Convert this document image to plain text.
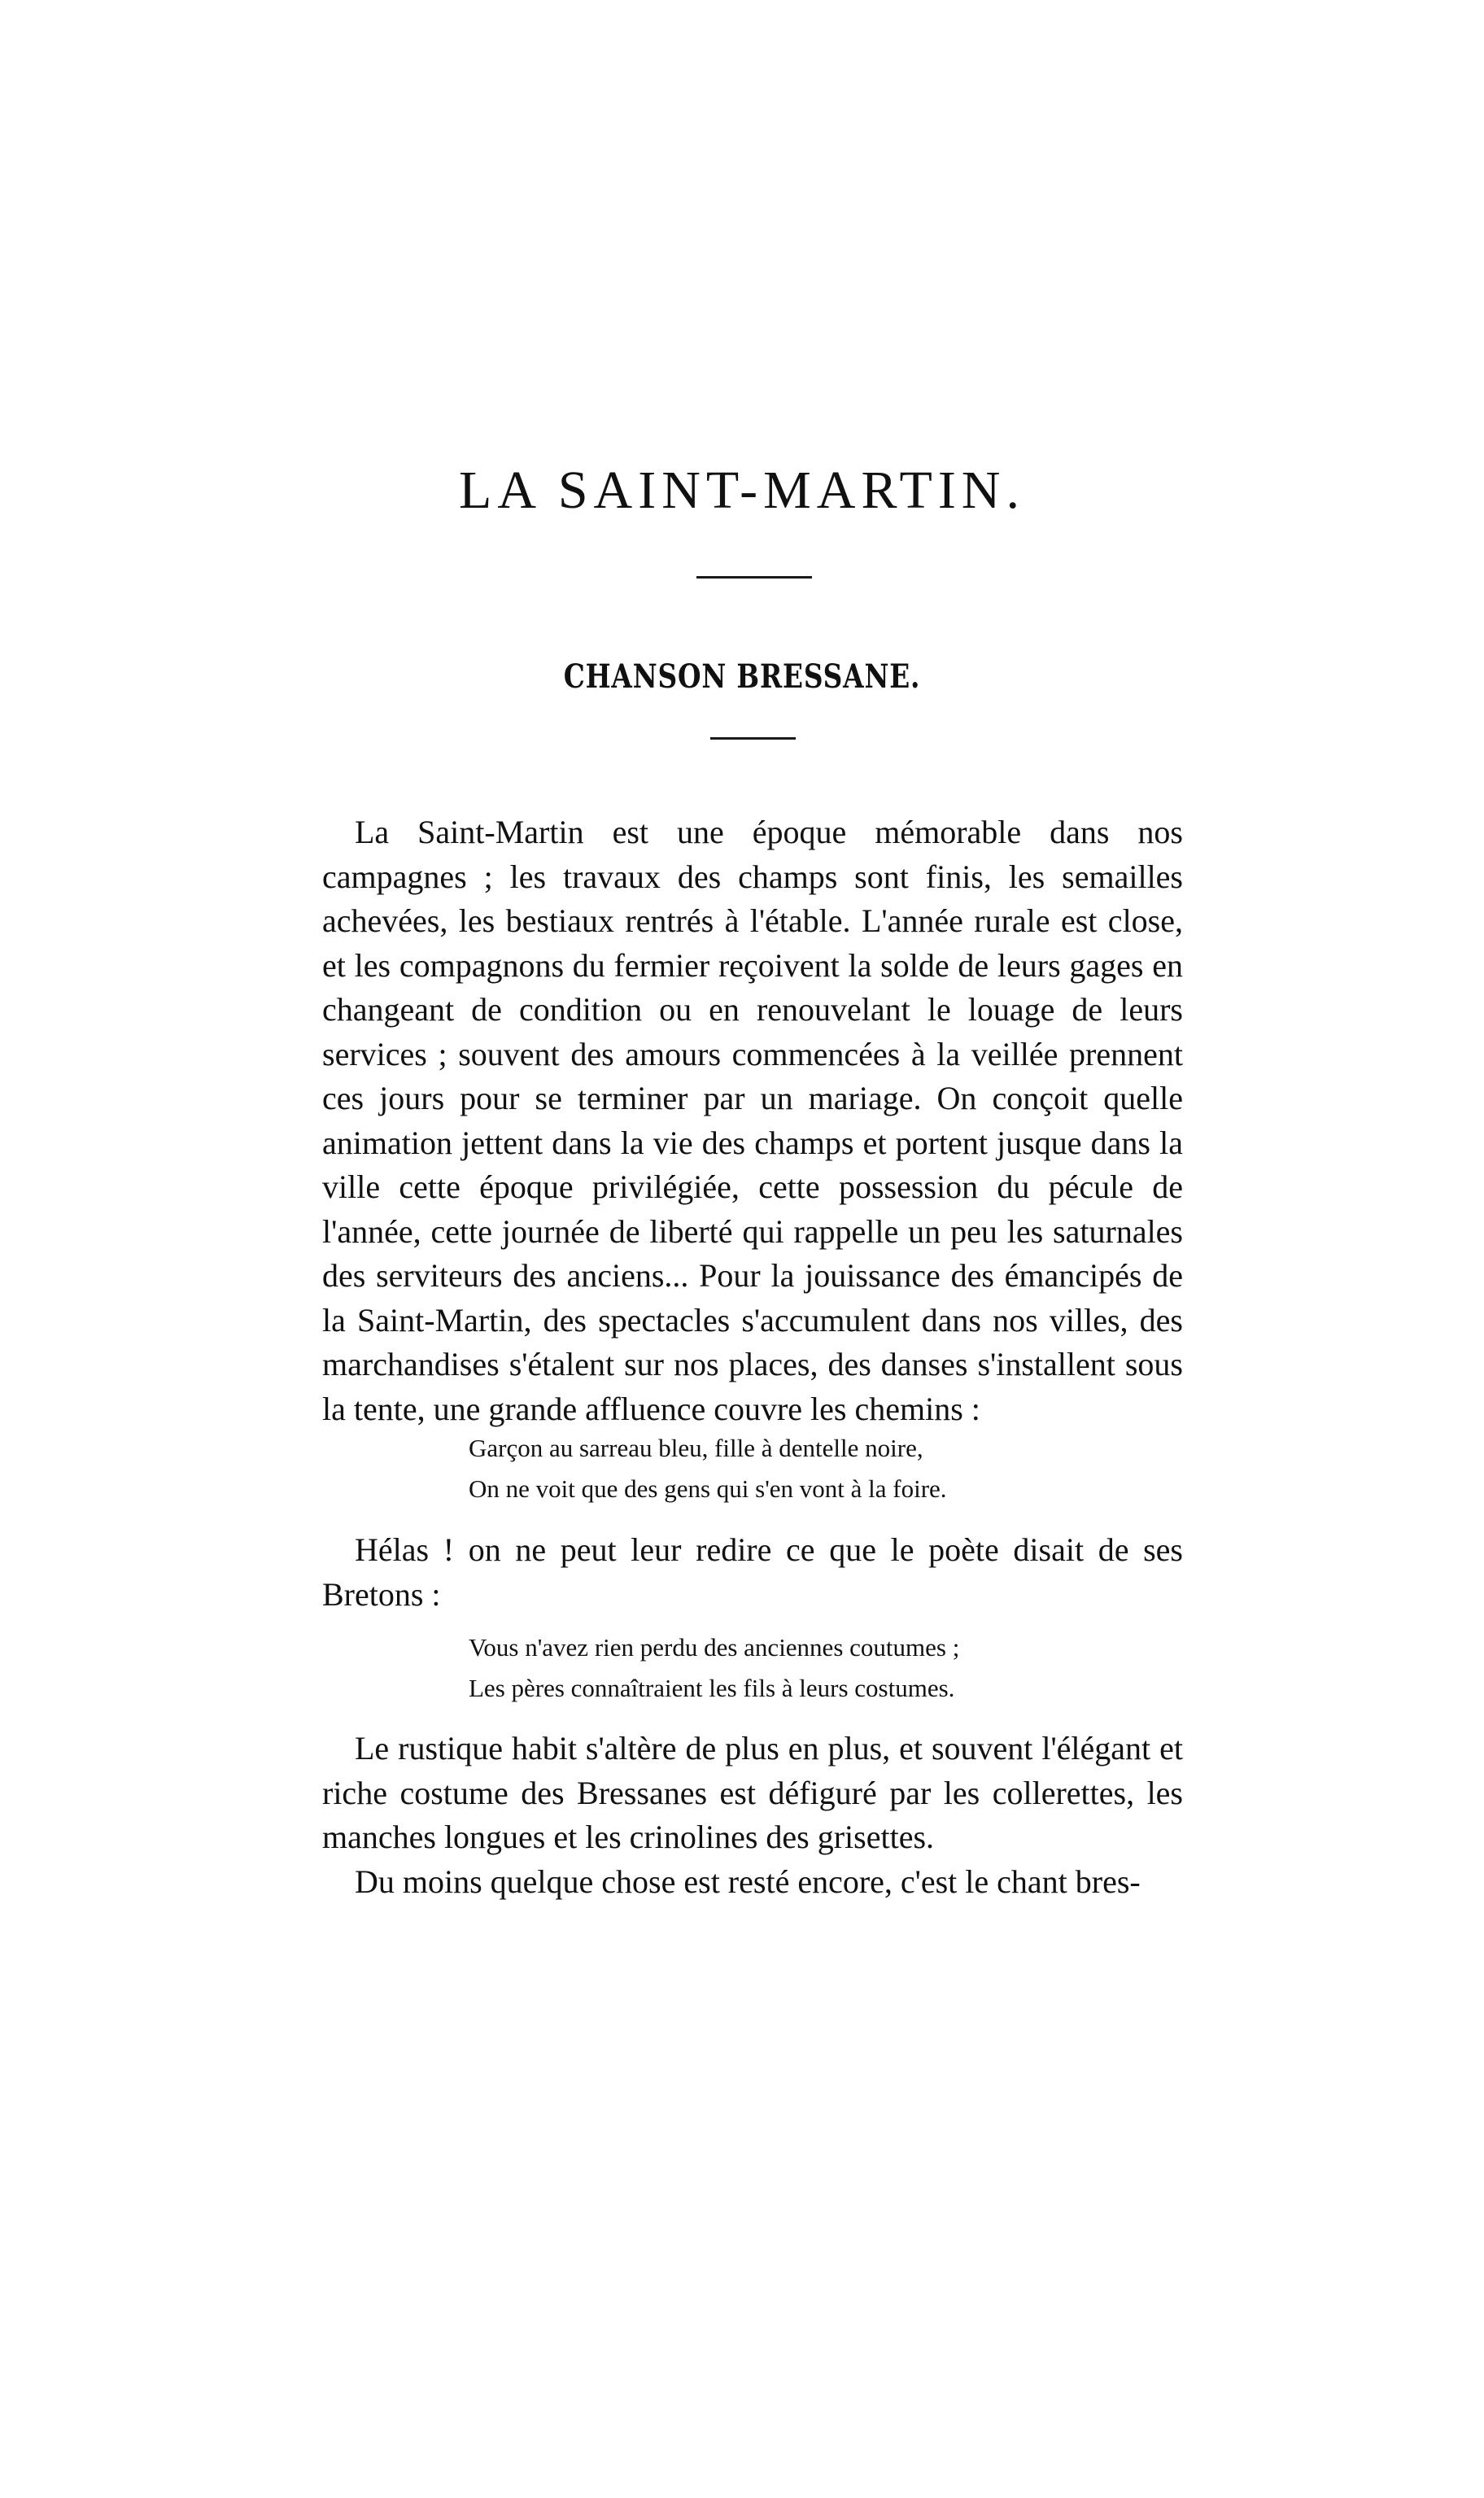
LA SAINT-MARTIN.
CHANSON BRESSANE.

La Saint-Martin est une époque mémorable dans nos campagnes ; les travaux des champs sont finis, les semailles achevées, les bestiaux rentrés à l'étable. L'année rurale est close, et les compagnons du fermier reçoivent la solde de leurs gages en changeant de condition ou en renouvelant le louage de leurs services ; souvent des amours commencées à la veillée prennent ces jours pour se terminer par un mariage. On conçoit quelle animation jettent dans la vie des champs et portent jusque dans la ville cette époque privilégiée, cette possession du pécule de l'année, cette journée de liberté qui rappelle un peu les saturnales des serviteurs des anciens... Pour la jouissance des émancipés de la Saint-Martin, des spectacles s'accumulent dans nos villes, des marchandises s'étalent sur nos places, des danses s'installent sous la tente, une grande affluence couvre les chemins :

Garçon au sarreau bleu, fille à dentelle noire,
On ne voit que des gens qui s'en vont à la foire.

Hélas ! on ne peut leur redire ce que le poète disait de ses Bretons :

Vous n'avez rien perdu des anciennes coutumes ;
Les pères connaîtraient les fils à leurs costumes.

Le rustique habit s'altère de plus en plus, et souvent l'élégant et riche costume des Bressanes est défiguré par les collerettes, les manches longues et les crinolines des grisettes.

Du moins quelque chose est resté encore, c'est le chant bres-
